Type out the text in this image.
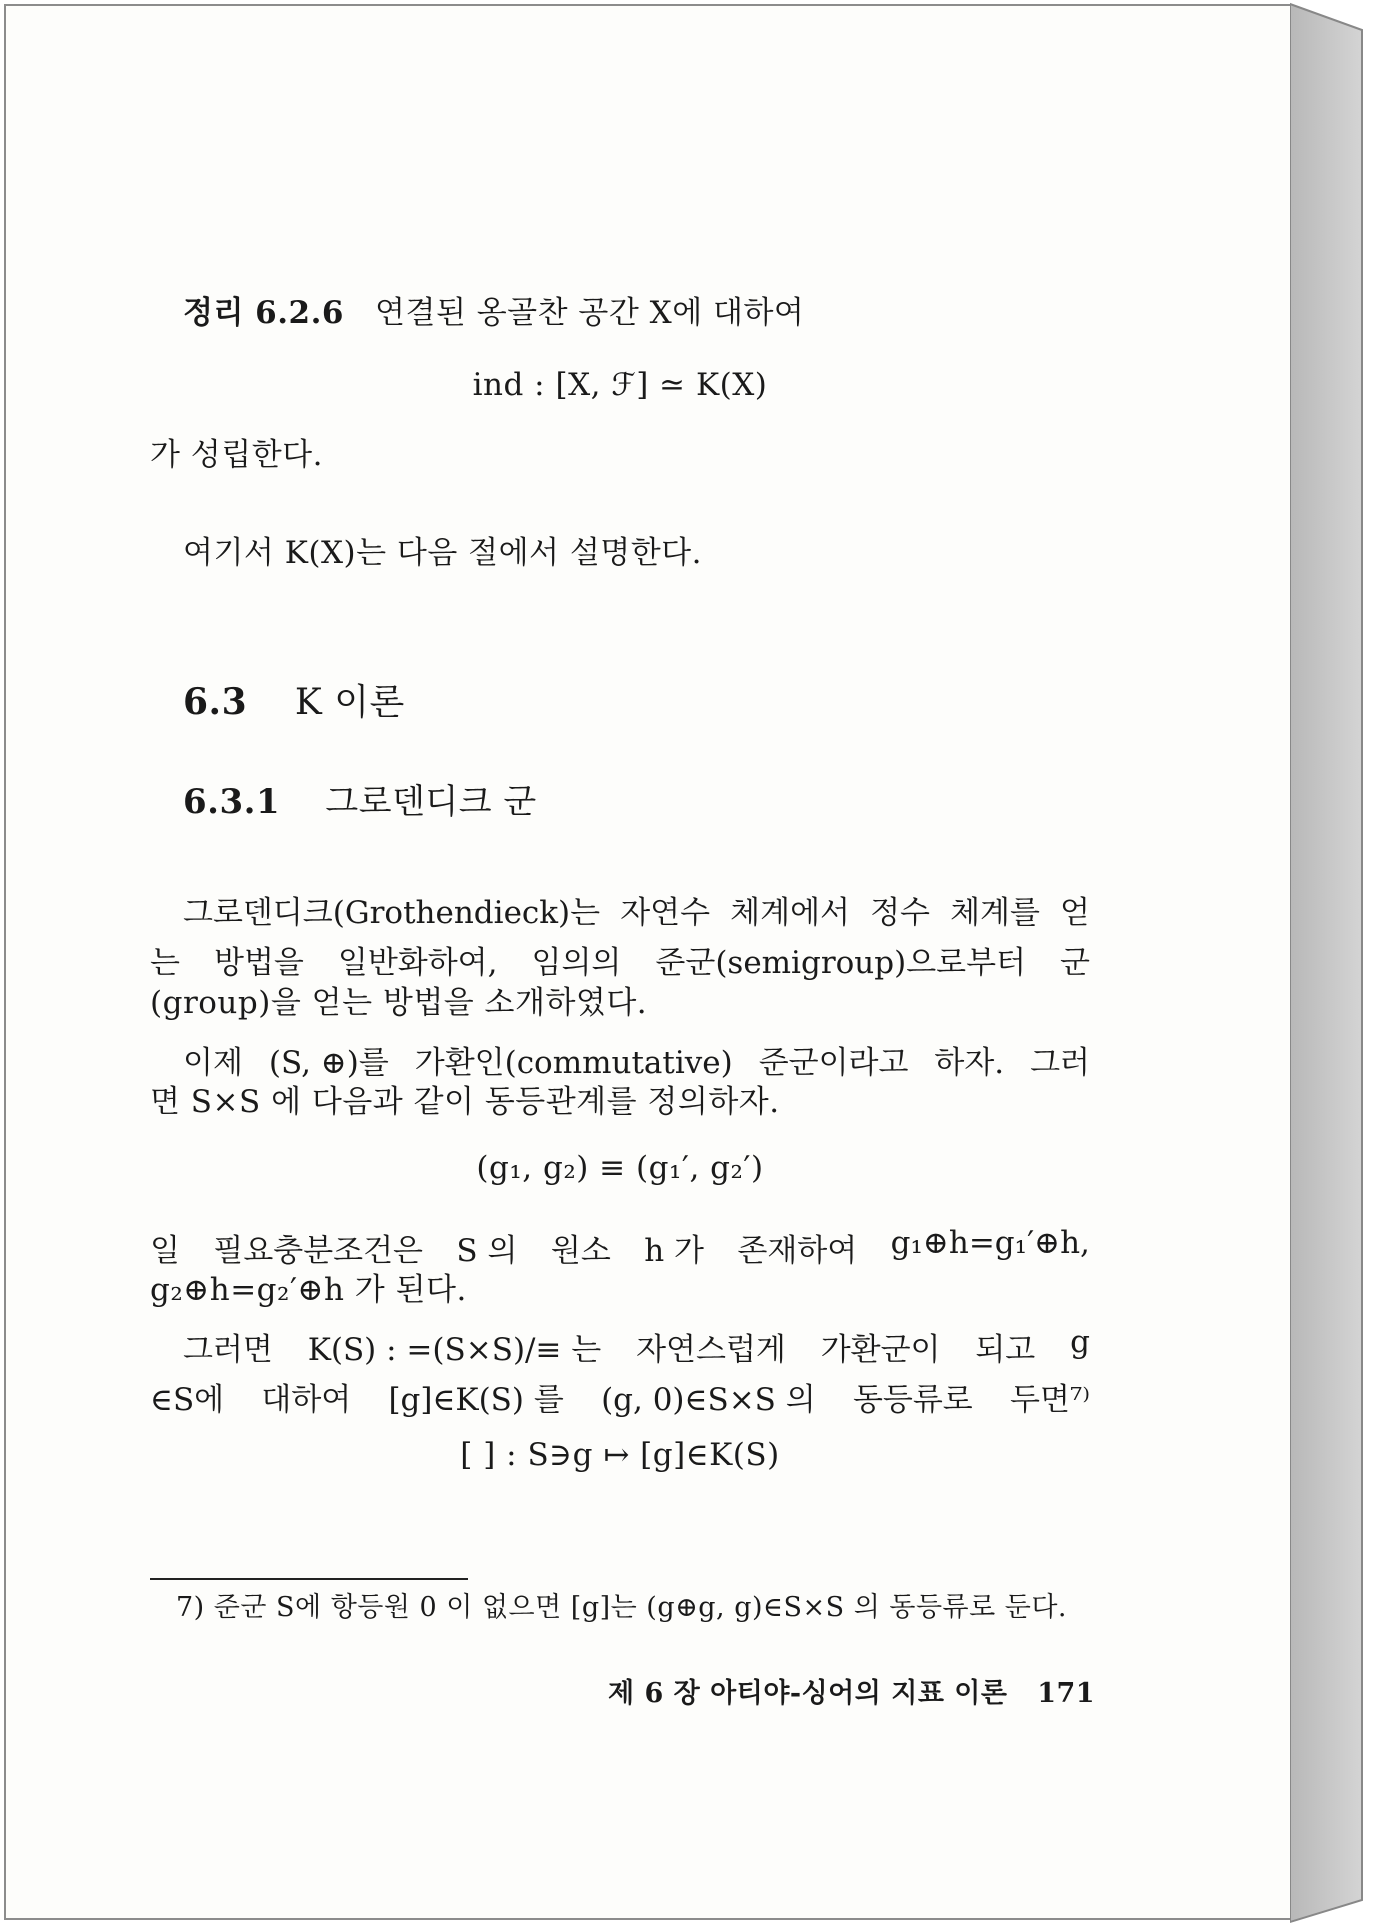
정리 6.2.6 연결된 옹골찬 공간 X에 대하여
ind : [X, ℱ] ≃ K(X)
가 성립한다.
여기서 K(X)는 다음 절에서 설명한다.
6.3 K 이론
6.3.1 그로덴디크 군
그로덴디크(Grothendieck)는 자연수 체계에서 정수 체계를 얻
는 방법을 일반화하여, 임의의 준군(semigroup)으로부터 군
(group)을 얻는 방법을 소개하였다.
이제 (S, ⊕)를 가환인(commutative) 준군이라고 하자. 그러
면 S×S 에 다음과 같이 동등관계를 정의하자.
(g₁, g₂) ≡ (g₁′, g₂′)
일 필요충분조건은 S 의 원소 h 가 존재하여 g₁⊕h=g₁′⊕h,
g₂⊕h=g₂′⊕h 가 된다.
그러면 K(S) : =(S×S)/≡ 는 자연스럽게 가환군이 되고 g
∈S에 대하여 [g]∈K(S) 를 (g, 0)∈S×S 의 동등류로 두면⁷⁾
[ ] : S∋g ↦ [g]∈K(S)
7) 준군 S에 항등원 0 이 없으면 [g]는 (g⊕g, g)∈S×S 의 동등류로 둔다.
제 6 장 아티야-싱어의 지표 이론 171
